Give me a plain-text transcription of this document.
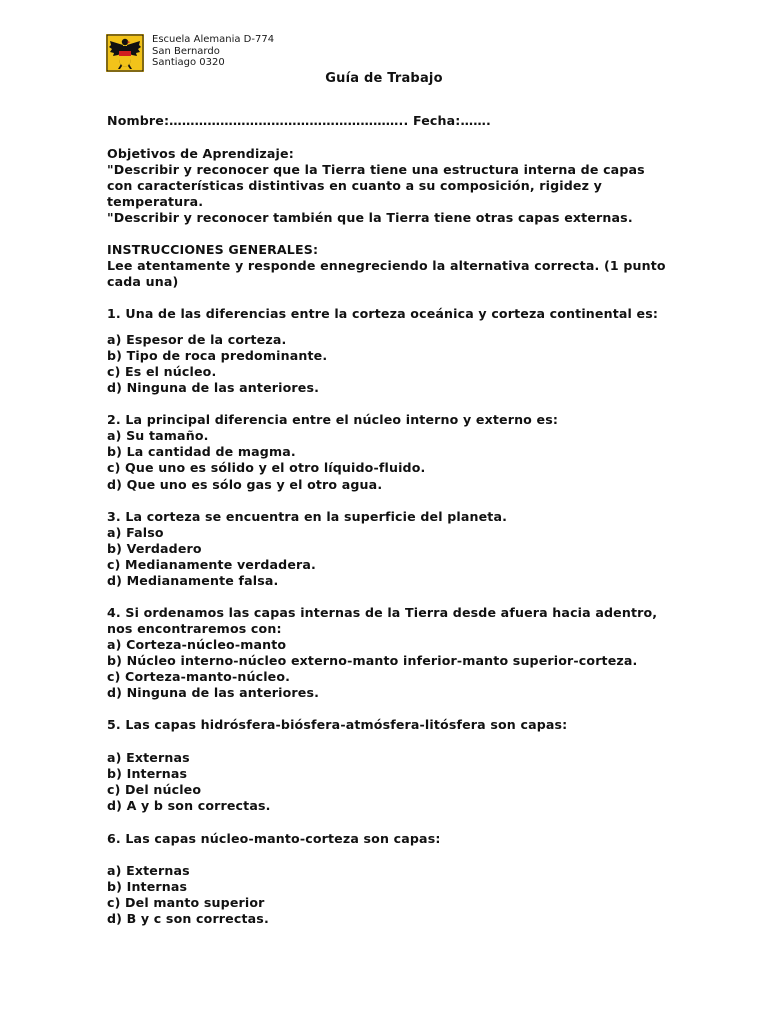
Escuela Alemania D-774
San Bernardo
Santiago 0320
Guía de Trabajo
Nombre:……………………………………………….. Fecha:…….
Objetivos de Aprendizaje:
"Describir y reconocer que la Tierra tiene una estructura interna de capas
con características distintivas en cuanto a su composición, rigidez y
temperatura.
"Describir y reconocer también que la Tierra tiene otras capas externas.
INSTRUCCIONES GENERALES:
Lee atentamente y responde ennegreciendo la alternativa correcta. (1 punto
cada una)
1. Una de las diferencias entre la corteza oceánica y corteza continental es:
a) Espesor de la corteza.
b) Tipo de roca predominante.
c) Es el núcleo.
d) Ninguna de las anteriores.
2. La principal diferencia entre el núcleo interno y externo es:
a) Su tamaño.
b) La cantidad de magma.
c) Que uno es sólido y el otro líquido-fluido.
d) Que uno es sólo gas y el otro agua.
3. La corteza se encuentra en la superficie del planeta.
a) Falso
b) Verdadero
c) Medianamente verdadera.
d) Medianamente falsa.
4. Si ordenamos las capas internas de la Tierra desde afuera hacia adentro,
nos encontraremos con:
a) Corteza-núcleo-manto
b) Núcleo interno-núcleo externo-manto inferior-manto superior-corteza.
c) Corteza-manto-núcleo.
d) Ninguna de las anteriores.
5. Las capas hidrósfera-biósfera-atmósfera-litósfera son capas:
a) Externas
b) Internas
c) Del núcleo
d) A y b son correctas.
6. Las capas núcleo-manto-corteza son capas:
a) Externas
b) Internas
c) Del manto superior
d) B y c son correctas.
